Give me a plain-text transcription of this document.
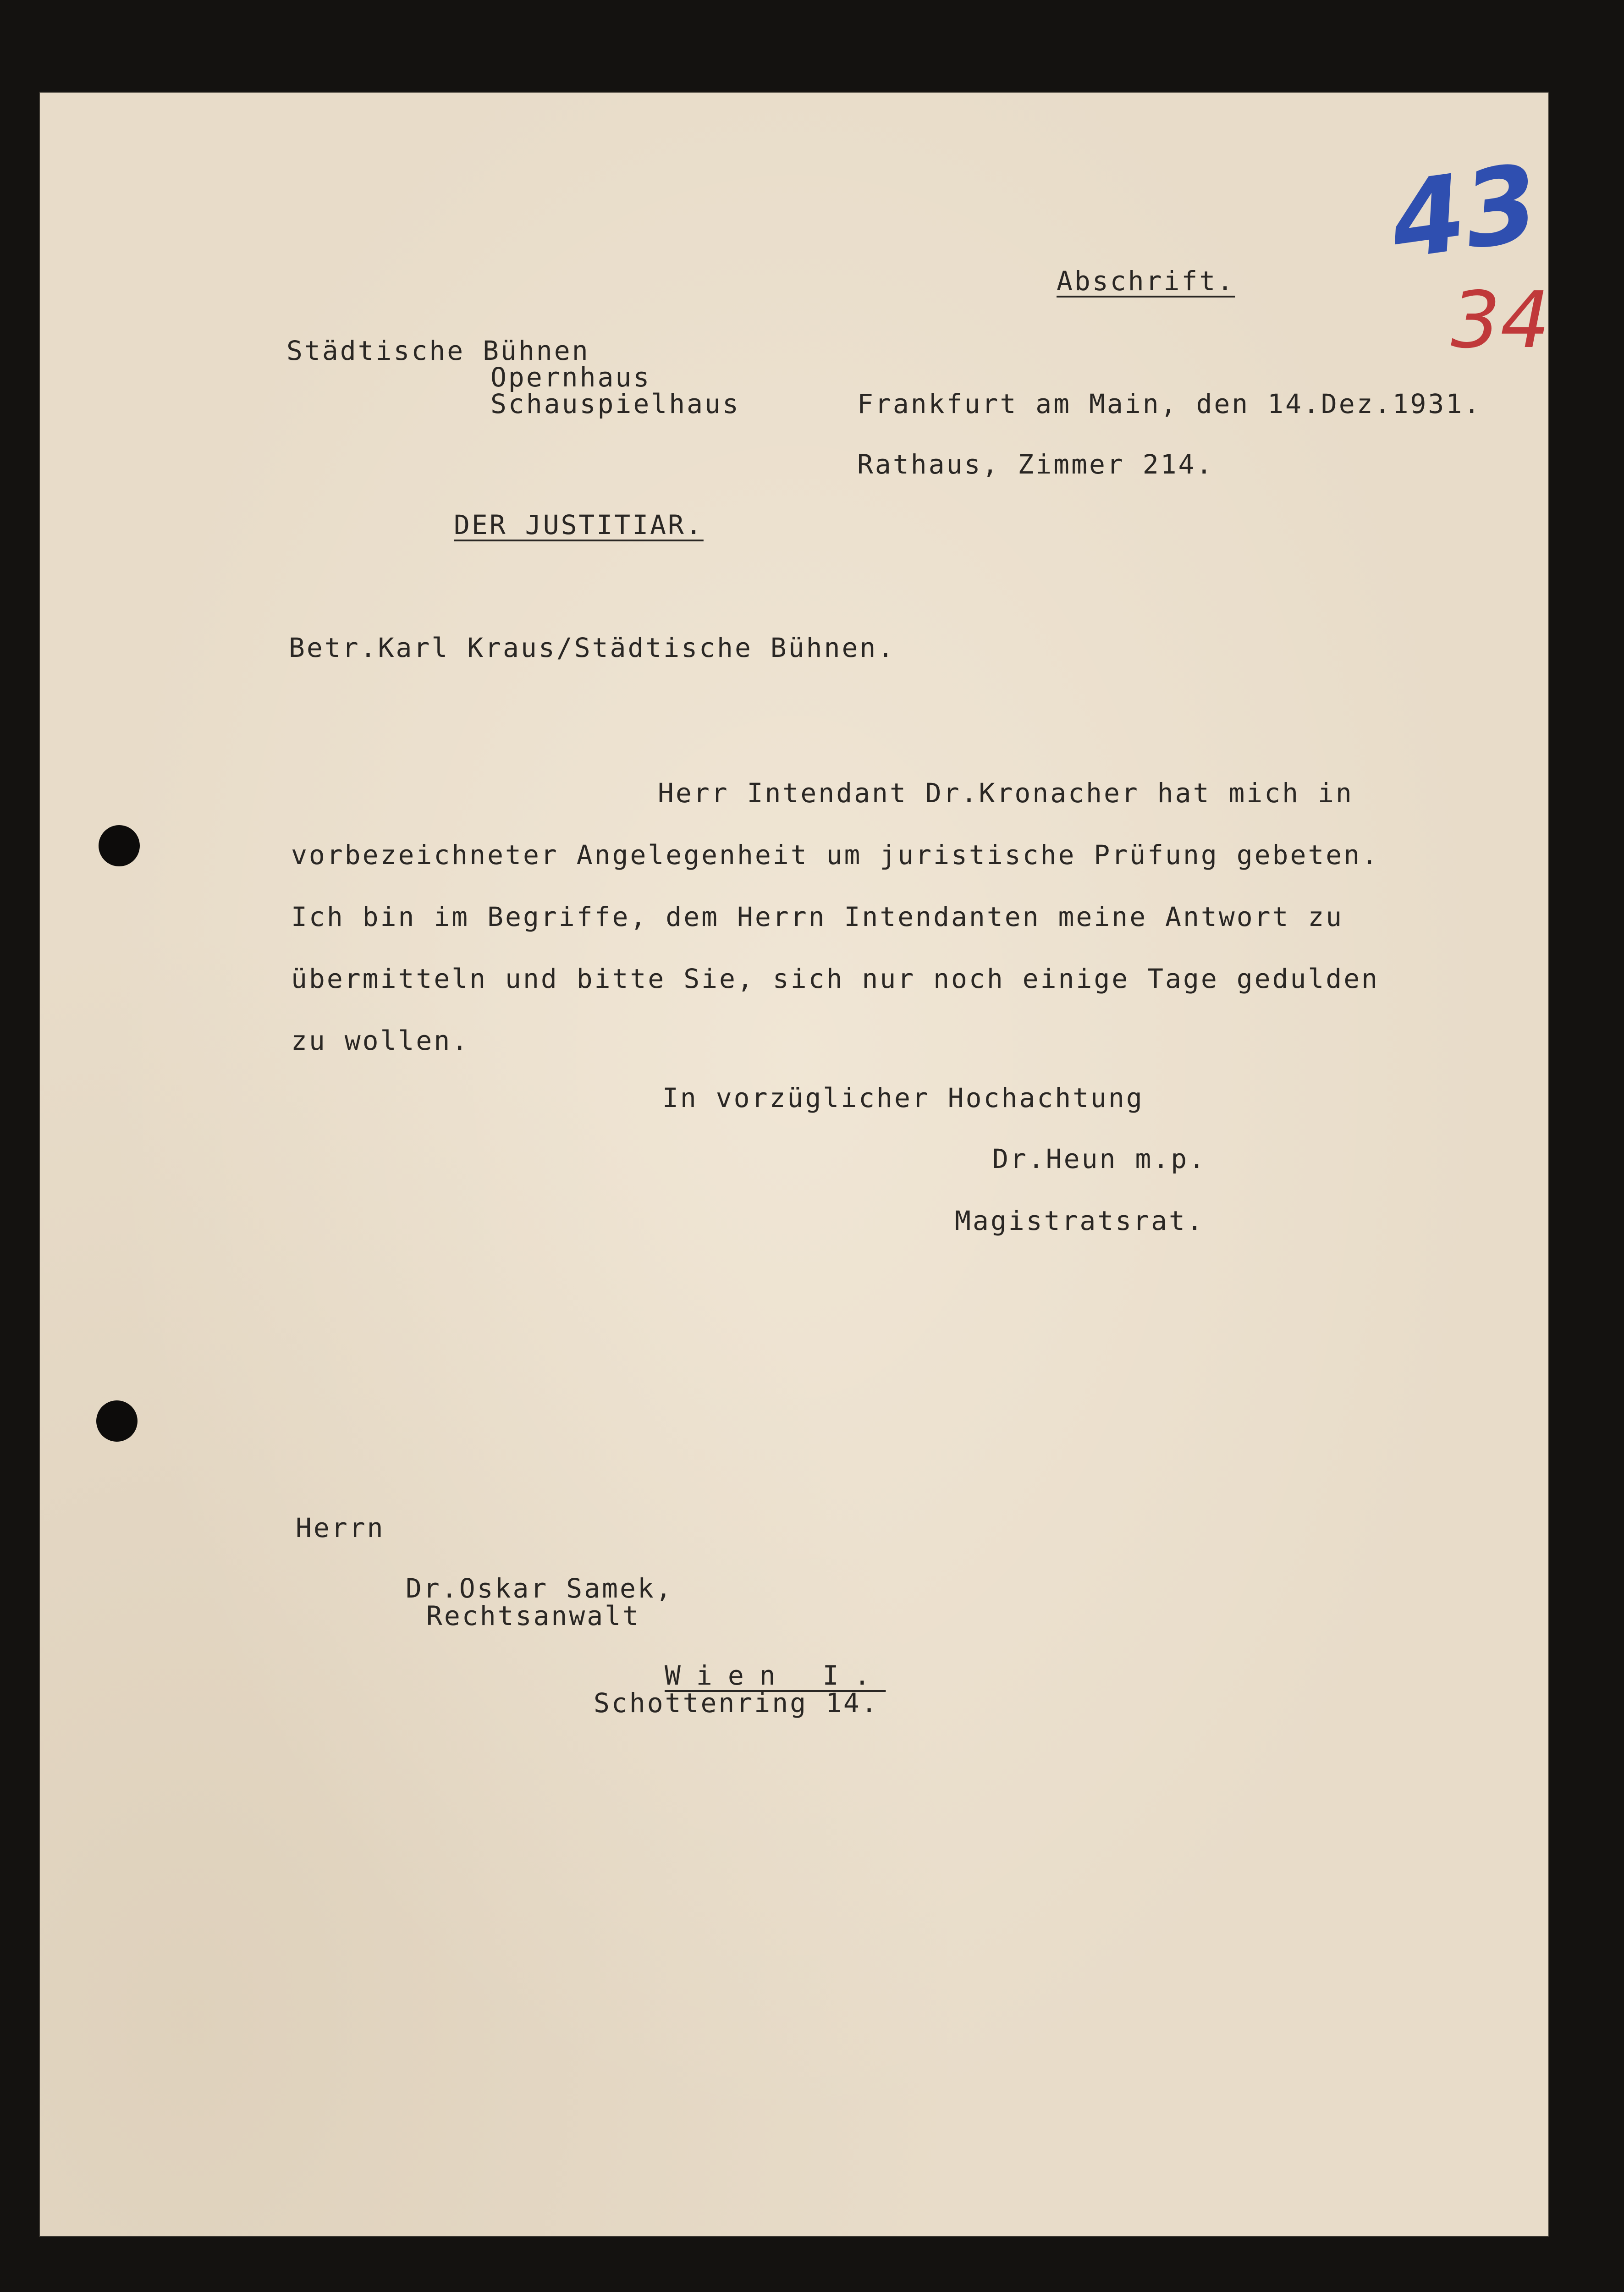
43
34
Abschrift.
Städtische Bühnen
Opernhaus
Schauspielhaus	Frankfurt am Main, den 14.Dez.1931.
Rathaus, Zimmer 214.
DER JUSTITIAR.
Betr.Karl Kraus/Städtische Bühnen.
Herr Intendant Dr.Kronacher hat mich in
vorbezeichneter Angelegenheit um juristische Prüfung gebeten.
Ich bin im Begriffe, dem Herrn Intendanten meine Antwort zu
übermitteln und bitte Sie, sich nur noch einige Tage gedulden
zu wollen.
In vorzüglicher Hochachtung
Dr.Heun m.p.
Magistratsrat.
Herrn
Dr.Oskar Samek,
Rechtsanwalt
Wien I.
Schottenring 14.
